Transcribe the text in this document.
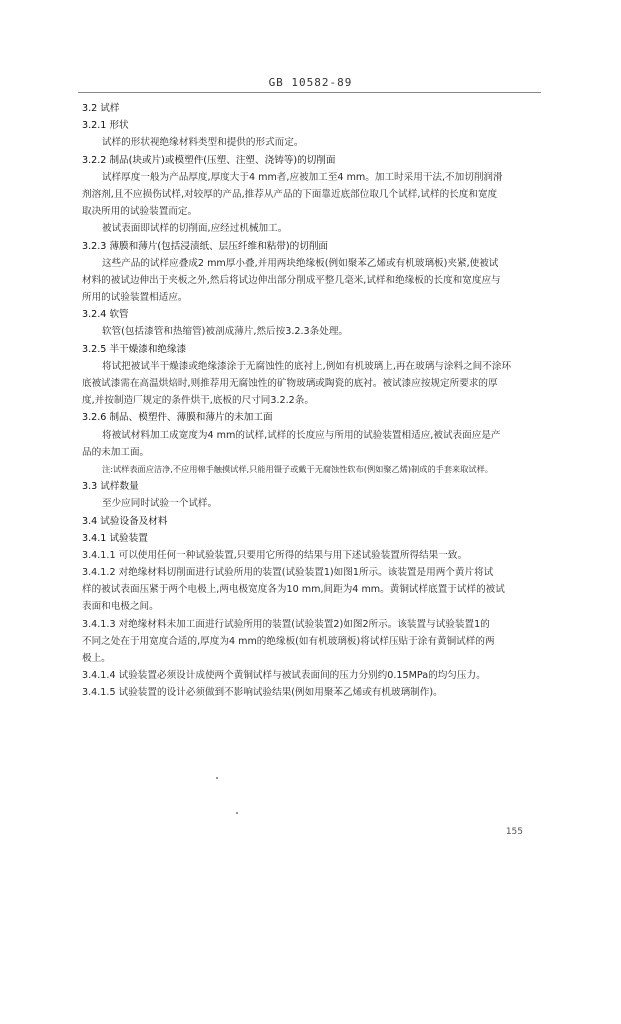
GB 10582-89
3.2 试样
3.2.1 形状
试样的形状视绝缘材料类型和提供的形式而定。
3.2.2 制品(块或片)或模塑件(压塑、注塑、浇铸等)的切削面
试样厚度一般为产品厚度,厚度大于4 mm者,应被加工至4 mm。加工时采用干法,不加切削润滑
剂溶剂,且不应损伤试样,对较厚的产品,推荐从产品的下面靠近底部位取几个试样,试样的长度和宽度
取决所用的试验装置而定。
被试表面即试样的切削面,应经过机械加工。
3.2.3 薄膜和薄片(包括浸渍纸、层压纤维和粘带)的切削面
这些产品的试样应叠成2 mm厚小叠,并用两块绝缘板(例如聚苯乙烯或有机玻璃板)夹紧,使被试
材料的被试边伸出于夹板之外,然后将试边伸出部分削成平整几毫米,试样和绝缘板的长度和宽度应与
所用的试验装置相适应。
3.2.4 软管
软管(包括漆管和热缩管)被剖成薄片,然后按3.2.3条处理。
3.2.5 半干燥漆和绝缘漆
将试把被试半干燥漆或绝缘漆涂于无腐蚀性的底衬上,例如有机玻璃上,再在玻璃与涂料之间不涂环
底被试漆需在高温烘焙时,则推荐用无腐蚀性的矿物玻璃或陶瓷的底衬。被试漆应按规定所要求的厚
度,并按制造厂规定的条件烘干,底板的尺寸同3.2.2条。
3.2.6 制品、模塑件、薄膜和薄片的未加工面
将被试材料加工成宽度为4 mm的试样,试样的长度应与所用的试验装置相适应,被试表面应是产
品的未加工面。
注:试样表面应洁净,不应用棉手触摸试样,只能用镊子或戴于无腐蚀性软布(例如聚乙烯)制成的手套来取试样。
3.3 试样数量
至少应同时试验一个试样。
3.4 试验设备及材料
3.4.1 试验装置
3.4.1.1 可以使用任何一种试验装置,只要用它所得的结果与用下述试验装置所得结果一致。
3.4.1.2 对绝缘材料切削面进行试验所用的装置(试验装置1)如图1所示。该装置是用两个黄片将试
样的被试表面压紧于两个电极上,两电极宽度各为10 mm,间距为4 mm。黄铜试样底置于试样的被试
表面和电极之间。
3.4.1.3 对绝缘材料未加工面进行试验所用的装置(试验装置2)如图2所示。该装置与试验装置1的
不同之处在于用宽度合适的,厚度为4 mm的绝缘板(如有机玻璃板)将试样压贴于涂有黄铜试样的两
极上。
3.4.1.4 试验装置必须设计成使两个黄铜试样与被试表面间的压力分别约0.15MPa的均匀压力。
3.4.1.5 试验装置的设计必须做到不影响试验结果(例如用聚苯乙烯或有机玻璃制作)。
155
